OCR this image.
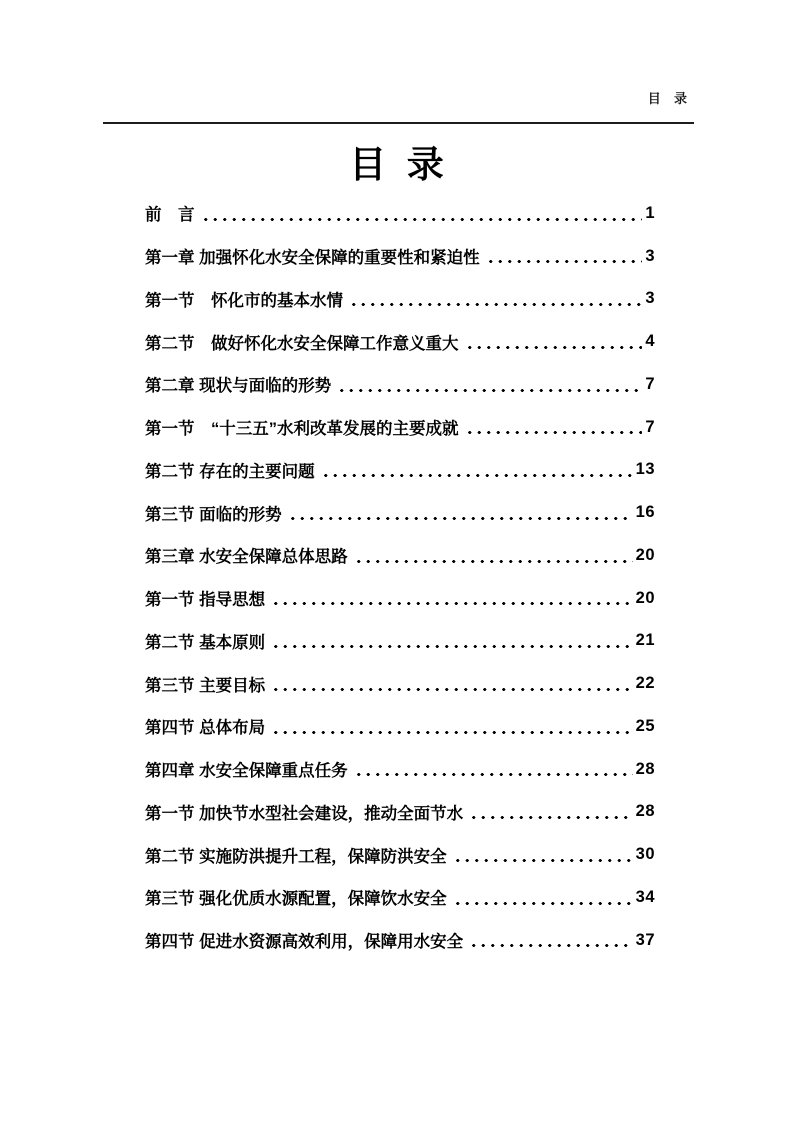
目  录
目  录
前　言	1
第一章 加强怀化水安全保障的重要性和紧迫性	3
第一节　怀化市的基本水情	3
第二节　做好怀化水安全保障工作意义重大	4
第二章 现状与面临的形势	7
第一节　“十三五”水利改革发展的主要成就	7
第二节 存在的主要问题	13
第三节 面临的形势	16
第三章 水安全保障总体思路	20
第一节 指导思想	20
第二节 基本原则	21
第三节 主要目标	22
第四节 总体布局	25
第四章 水安全保障重点任务	28
第一节 加快节水型社会建设，推动全面节水	28
第二节 实施防洪提升工程，保障防洪安全	30
第三节 强化优质水源配置，保障饮水安全	34
第四节 促进水资源高效利用，保障用水安全	37
